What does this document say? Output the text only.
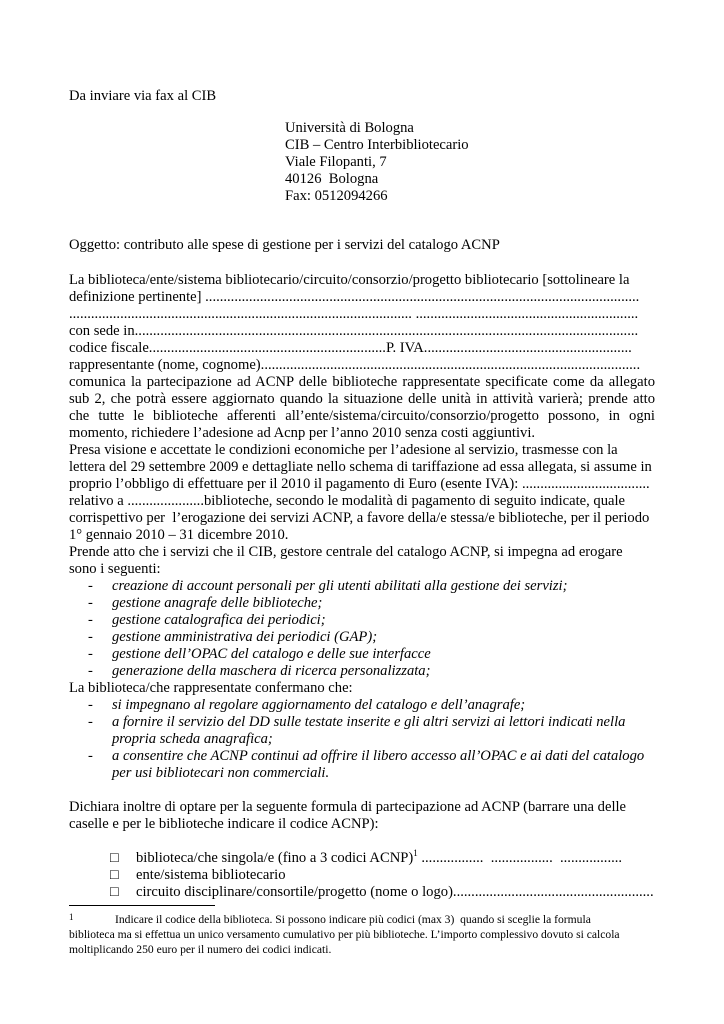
Da inviare via fax al CIB
Università di Bologna
CIB – Centro Interbibliotecario
Viale Filopanti, 7
40126  Bologna
Fax: 0512094266
Oggetto: contributo alle spese di gestione per i servizi del catalogo ACNP
La biblioteca/ente/sistema bibliotecario/circuito/consorzio/progetto bibliotecario [sottolineare la
definizione pertinente] .......................................................................................................................
.............................................................................................. .............................................................
con sede in..........................................................................................................................................
codice fiscale.................................................................P. IVA.........................................................
rappresentante (nome, cognome)........................................................................................................
comunica la partecipazione ad ACNP delle biblioteche rappresentate specificate come da allegato
sub 2, che potrà essere aggiornato quando la situazione delle unità in attività varierà; prende atto
che tutte le biblioteche afferenti all’ente/sistema/circuito/consorzio/progetto possono, in ogni
momento, richiedere l’adesione ad Acnp per l’anno 2010 senza costi aggiuntivi.
Presa visione e accettate le condizioni economiche per l’adesione al servizio, trasmesse con la
lettera del 29 settembre 2009 e dettagliate nello schema di tariffazione ad essa allegata, si assume in
proprio l’obbligo di effettuare per il 2010 il pagamento di Euro (esente IVA): ...................................
relativo a .....................biblioteche, secondo le modalità di pagamento di seguito indicate, quale
corrispettivo per  l’erogazione dei servizi ACNP, a favore della/e stessa/e biblioteche, per il periodo
1° gennaio 2010 – 31 dicembre 2010.
Prende atto che i servizi che il CIB, gestore centrale del catalogo ACNP, si impegna ad erogare
sono i seguenti:
- creazione di account personali per gli utenti abilitati alla gestione dei servizi;
- gestione anagrafe delle biblioteche;
- gestione catalografica dei periodici;
- gestione amministrativa dei periodici (GAP);
- gestione dell’OPAC del catalogo e delle sue interfacce
- generazione della maschera di ricerca personalizzata;
La biblioteca/che rappresentate confermano che:
- si impegnano al regolare aggiornamento del catalogo e dell’anagrafe;
- a fornire il servizio del DD sulle testate inserite e gli altri servizi ai lettori indicati nella
propria scheda anagrafica;
- a consentire che ACNP continui ad offrire il libero accesso all’OPAC e ai dati del catalogo
per usi bibliotecari non commerciali.
Dichiara inoltre di optare per la seguente formula di partecipazione ad ACNP (barrare una delle
caselle e per le biblioteche indicare il codice ACNP):
□ biblioteca/che singola/e (fino a 3 codici ACNP)$^1$ .................  .................  .................
□ ente/sistema bibliotecario
□ circuito disciplinare/consortile/progetto (nome o logo).......................................................
1	Indicare il codice della biblioteca. Si possono indicare più codici (max 3)  quando si sceglie la formula
biblioteca ma si effettua un unico versamento cumulativo per più biblioteche. L’importo complessivo dovuto si calcola
moltiplicando 250 euro per il numero dei codici indicati.
